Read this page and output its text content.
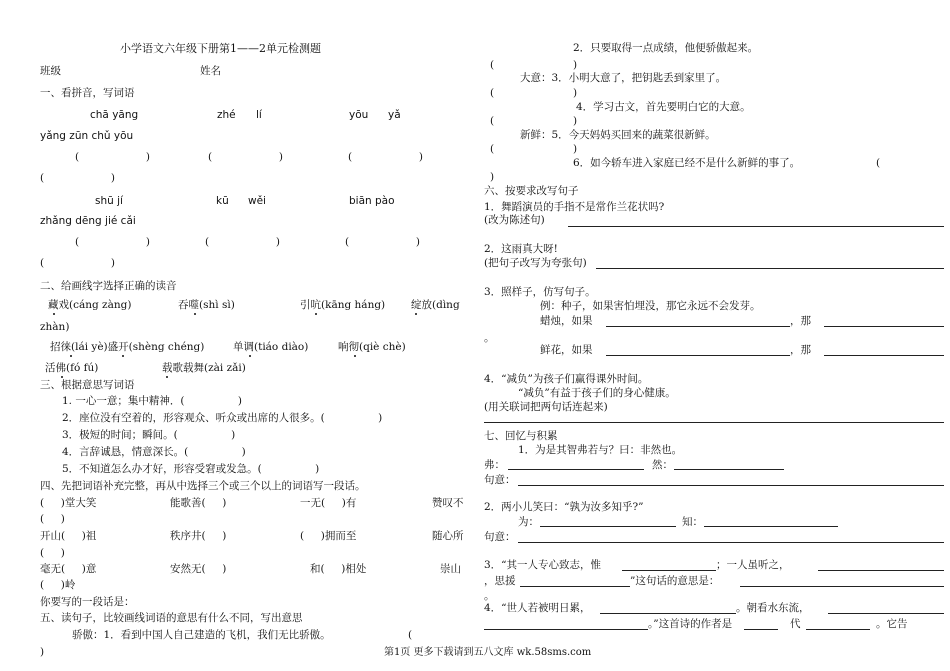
小学语文六年级下册第1——2单元检测题
班级	姓名
一、看拼音，写词语
chā yāng	zhé lí	yōu yǎ
yǎng zūn chǔ yōu
(                    )	(                    )	(                    )
(                    )
shū jí	kū wěi	biān pào
zhǎng dēng jié cǎi
(                    )	(                    )	(                    )
(                    )
二、给画线字选择正确的读音
藏戏(cáng zàng)	吞噬(shì sì)	引吭(kāng háng) 绽放(dìng
zhàn)
招徕(lái yè)盛开(shèng chéng)	单调(tiáo diào)	响彻(qiè chè)
活佛(fó fú)	载歌载舞(zài zǎi)
三、根据意思写词语
1. 一心一意；集中精神．(                )
2．座位没有空着的，形容观众、听众或出席的人很多。(                )
3．极短的时间；瞬间。(                )
4．言辞诚恳，情意深长。(                )
5．不知道怎么办才好，形容受窘或发急。(                )
四、先把词语补充完整，再从中选择三个或三个以上的词语写一段话。
(     )堂大笑	能歌善(     )	一无(     )有	赞叹不
(     )
开山(     )祖	秩序井(     )	(     )拥而至	随心所
(     )
毫无(     )意	安然无(     )	和(     )相处	崇山
(     )岭
你要写的一段话是：
五、读句子，比较画线词语的意思有什么不同，写出意思
骄傲：1．看到中国人自己建造的飞机，我们无比骄傲。	(
)
2．只要取得一点成绩，他便骄傲起来。
(	)
大意：3．小明大意了，把钥匙丢到家里了。
(	)
4．学习古文，首先要明白它的大意。
(	)
新鲜：5．今天妈妈买回来的蔬菜很新鲜。
(	)
6．如今轿车进入家庭已经不是什么新鲜的事了。	(
)
六、按要求改写句子
1．舞蹈演员的手指不是常作兰花状吗?
(改为陈述句)
2．这雨真大呀!
(把句子改写为夸张句)
3．照样子，仿写句子。
例：种子，如果害怕埋没，那它永远不会发芽。
蜡烛，如果	，那
。
鲜花，如果	，那
4．“减负”为孩子们赢得课外时间。
“减负”有益于孩子们的身心健康。
(用关联词把两句话连起来)
七、回忆与积累
1．为是其智弗若与？曰：非然也。
弗：	然：
句意：
2．两小儿笑曰：“孰为汝多知乎?”
为：	知：
句意：
3．“其一人专心致志，惟	；一人虽听之，
，思援	”这句话的意思是：
。
4．“世人若被明日累，	。朝看水东流，
。”这首诗的作者是	代	。它告
第1页 更多下载请到五八文库 wk.58sms.com
